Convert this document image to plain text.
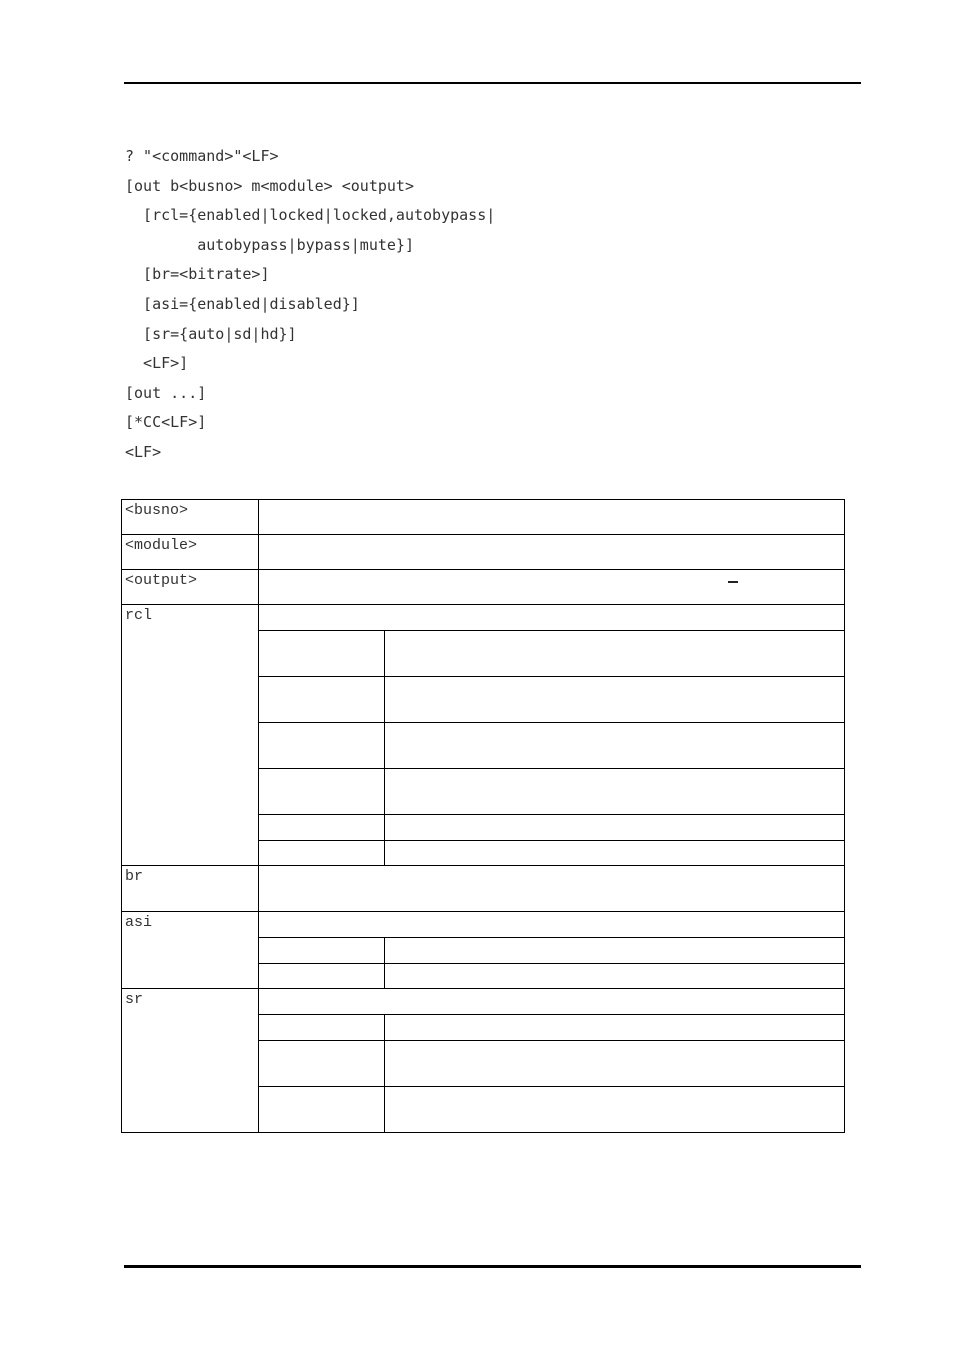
? "<command>"<LF>
[out b<busno> m<module> <output>
[rcl={enabled|locked|locked,autobypass|
autobypass|bypass|mute}]
[br=<bitrate>]
[asi={enabled|disabled}]
[sr={auto|sd|hd}]
<LF>]
[out ...]
[*CC<LF>]
<LF>
<busno>		
<module>		
<output>		
rcl		

br		
asi		

sr		
